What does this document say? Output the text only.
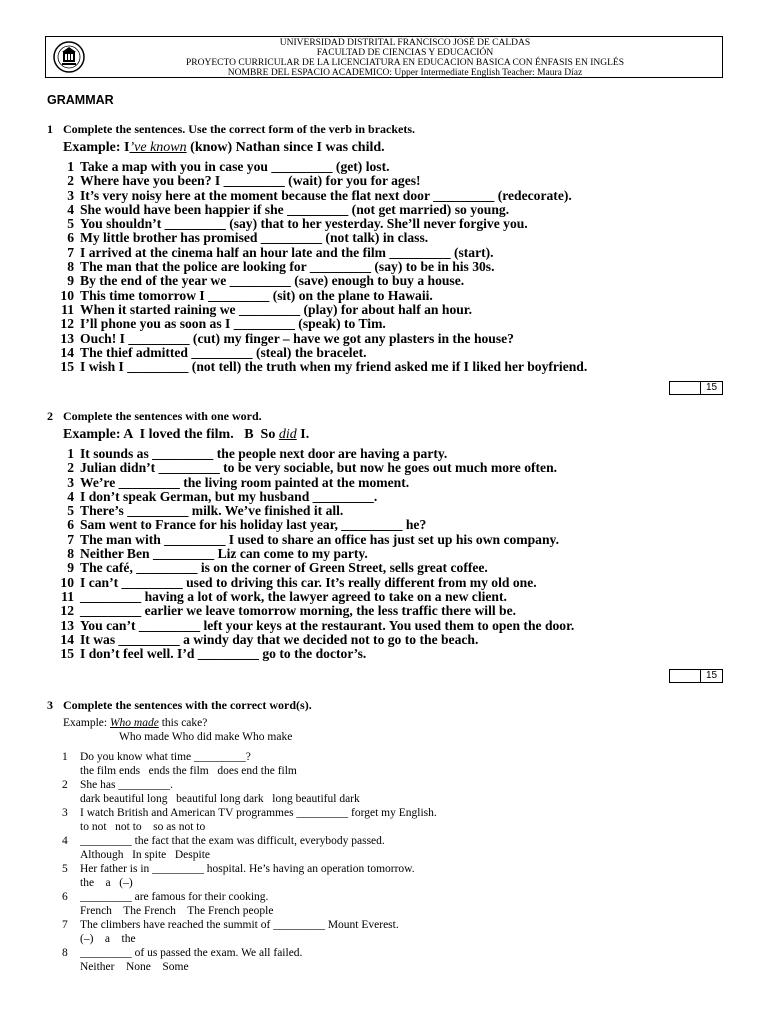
UNIVERSIDAD DISTRITAL FRANCISCO JOSÉ DE CALDAS
FACULTAD DE CIENCIAS Y EDUCACIÓN
PROYECTO CURRICULAR DE LA LICENCIATURA EN EDUCACION BASICA CON ÉNFASIS EN INGLÉS
NOMBRE DEL ESPACIO ACADEMICO: Upper Intermediate English Teacher: Maura Díaz
GRAMMAR
1 Complete the sentences. Use the correct form of the verb in brackets.
Example: I’ve known (know) Nathan since I was child.
1 Take a map with you in case you _________ (get) lost.
2 Where have you been? I _________ (wait) for you for ages!
3 It’s very noisy here at the moment because the flat next door _________ (redecorate).
4 She would have been happier if she _________ (not get married) so young.
5 You shouldn’t _________ (say) that to her yesterday. She’ll never forgive you.
6 My little brother has promised _________ (not talk) in class.
7 I arrived at the cinema half an hour late and the film _________ (start).
8 The man that the police are looking for _________ (say) to be in his 30s.
9 By the end of the year we _________ (save) enough to buy a house.
10 This time tomorrow I _________ (sit) on the plane to Hawaii.
11 When it started raining we _________ (play) for about half an hour.
12 I’ll phone you as soon as I _________ (speak) to Tim.
13 Ouch! I _________ (cut) my finger – have we got any plasters in the house?
14 The thief admitted _________ (steal) the bracelet.
15 I wish I _________ (not tell) the truth when my friend asked me if I liked her boyfriend.
15
2 Complete the sentences with one word.
Example: A  I loved the film.   B  So did I.
1 It sounds as _________ the people next door are having a party.
2 Julian didn’t _________ to be very sociable, but now he goes out much more often.
3 We’re _________ the living room painted at the moment.
4 I don’t speak German, but my husband _________.
5 There’s _________ milk. We’ve finished it all.
6 Sam went to France for his holiday last year, _________ he?
7 The man with _________ I used to share an office has just set up his own company.
8 Neither Ben _________ Liz can come to my party.
9 The café, _________ is on the corner of Green Street, sells great coffee.
10 I can’t _________ used to driving this car. It’s really different from my old one.
11 _________ having a lot of work, the lawyer agreed to take on a new client.
12 _________ earlier we leave tomorrow morning, the less traffic there will be.
13 You can’t _________ left your keys at the restaurant. You used them to open the door.
14 It was _________ a windy day that we decided not to go to the beach.
15 I don’t feel well. I’d _________ go to the doctor’s.
15
3 Complete the sentences with the correct word(s).
Example: Who made this cake?
Who made Who did make Who make
1	Do you know what time _________?
the film ends   ends the film   does end the film
2	She has _________.
dark beautiful long   beautiful long dark   long beautiful dark
3	I watch British and American TV programmes _________ forget my English.
to not   not to    so as not to
4	_________ the fact that the exam was difficult, everybody passed.
Although   In spite   Despite
5	Her father is in _________ hospital. He’s having an operation tomorrow.
the    a   (–)
6	_________ are famous for their cooking.
French    The French    The French people
7	The climbers have reached the summit of _________ Mount Everest.
(–)    a    the
8	_________ of us passed the exam. We all failed.
Neither    None    Some
